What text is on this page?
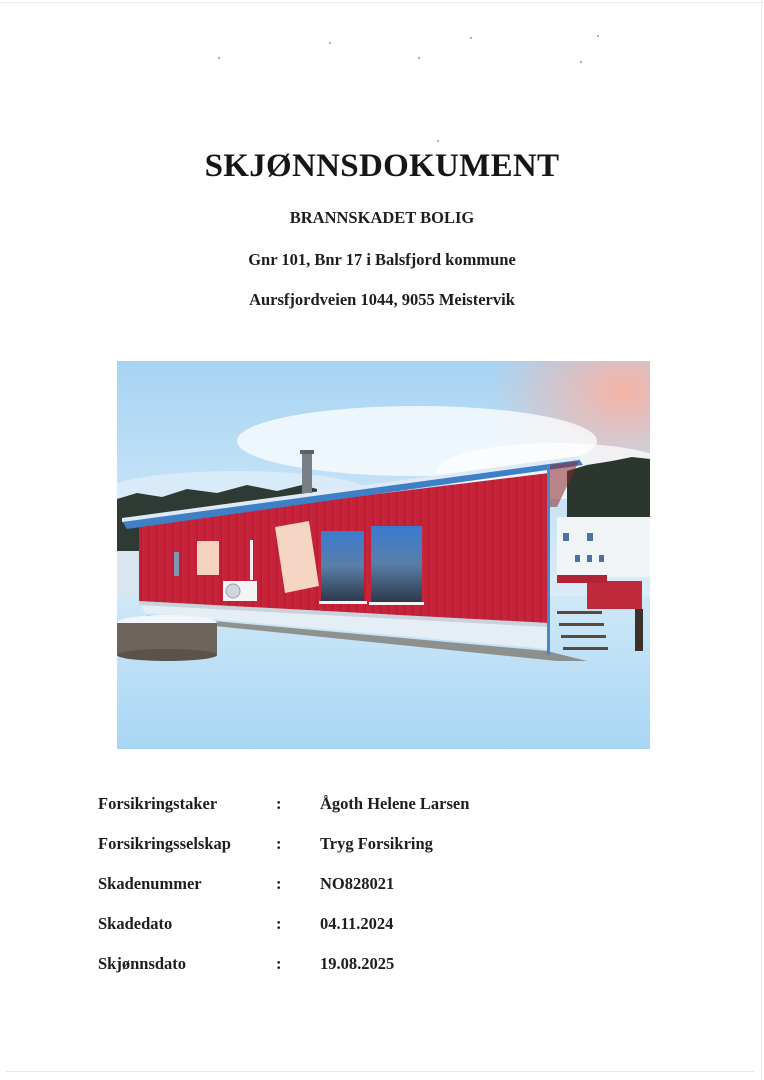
SKJØNNSDOKUMENT
BRANNSKADET BOLIG
Gnr 101, Bnr 17 i Balsfjord kommune
Aursfjordveien 1044, 9055 Meistervik
Forsikringstaker	: Ågoth Helene Larsen
Forsikringsselskap	: Tryg Forsikring
Skadenummer	: NO828021
Skadedato	: 04.11.2024
Skjønnsdato	: 19.08.2025
